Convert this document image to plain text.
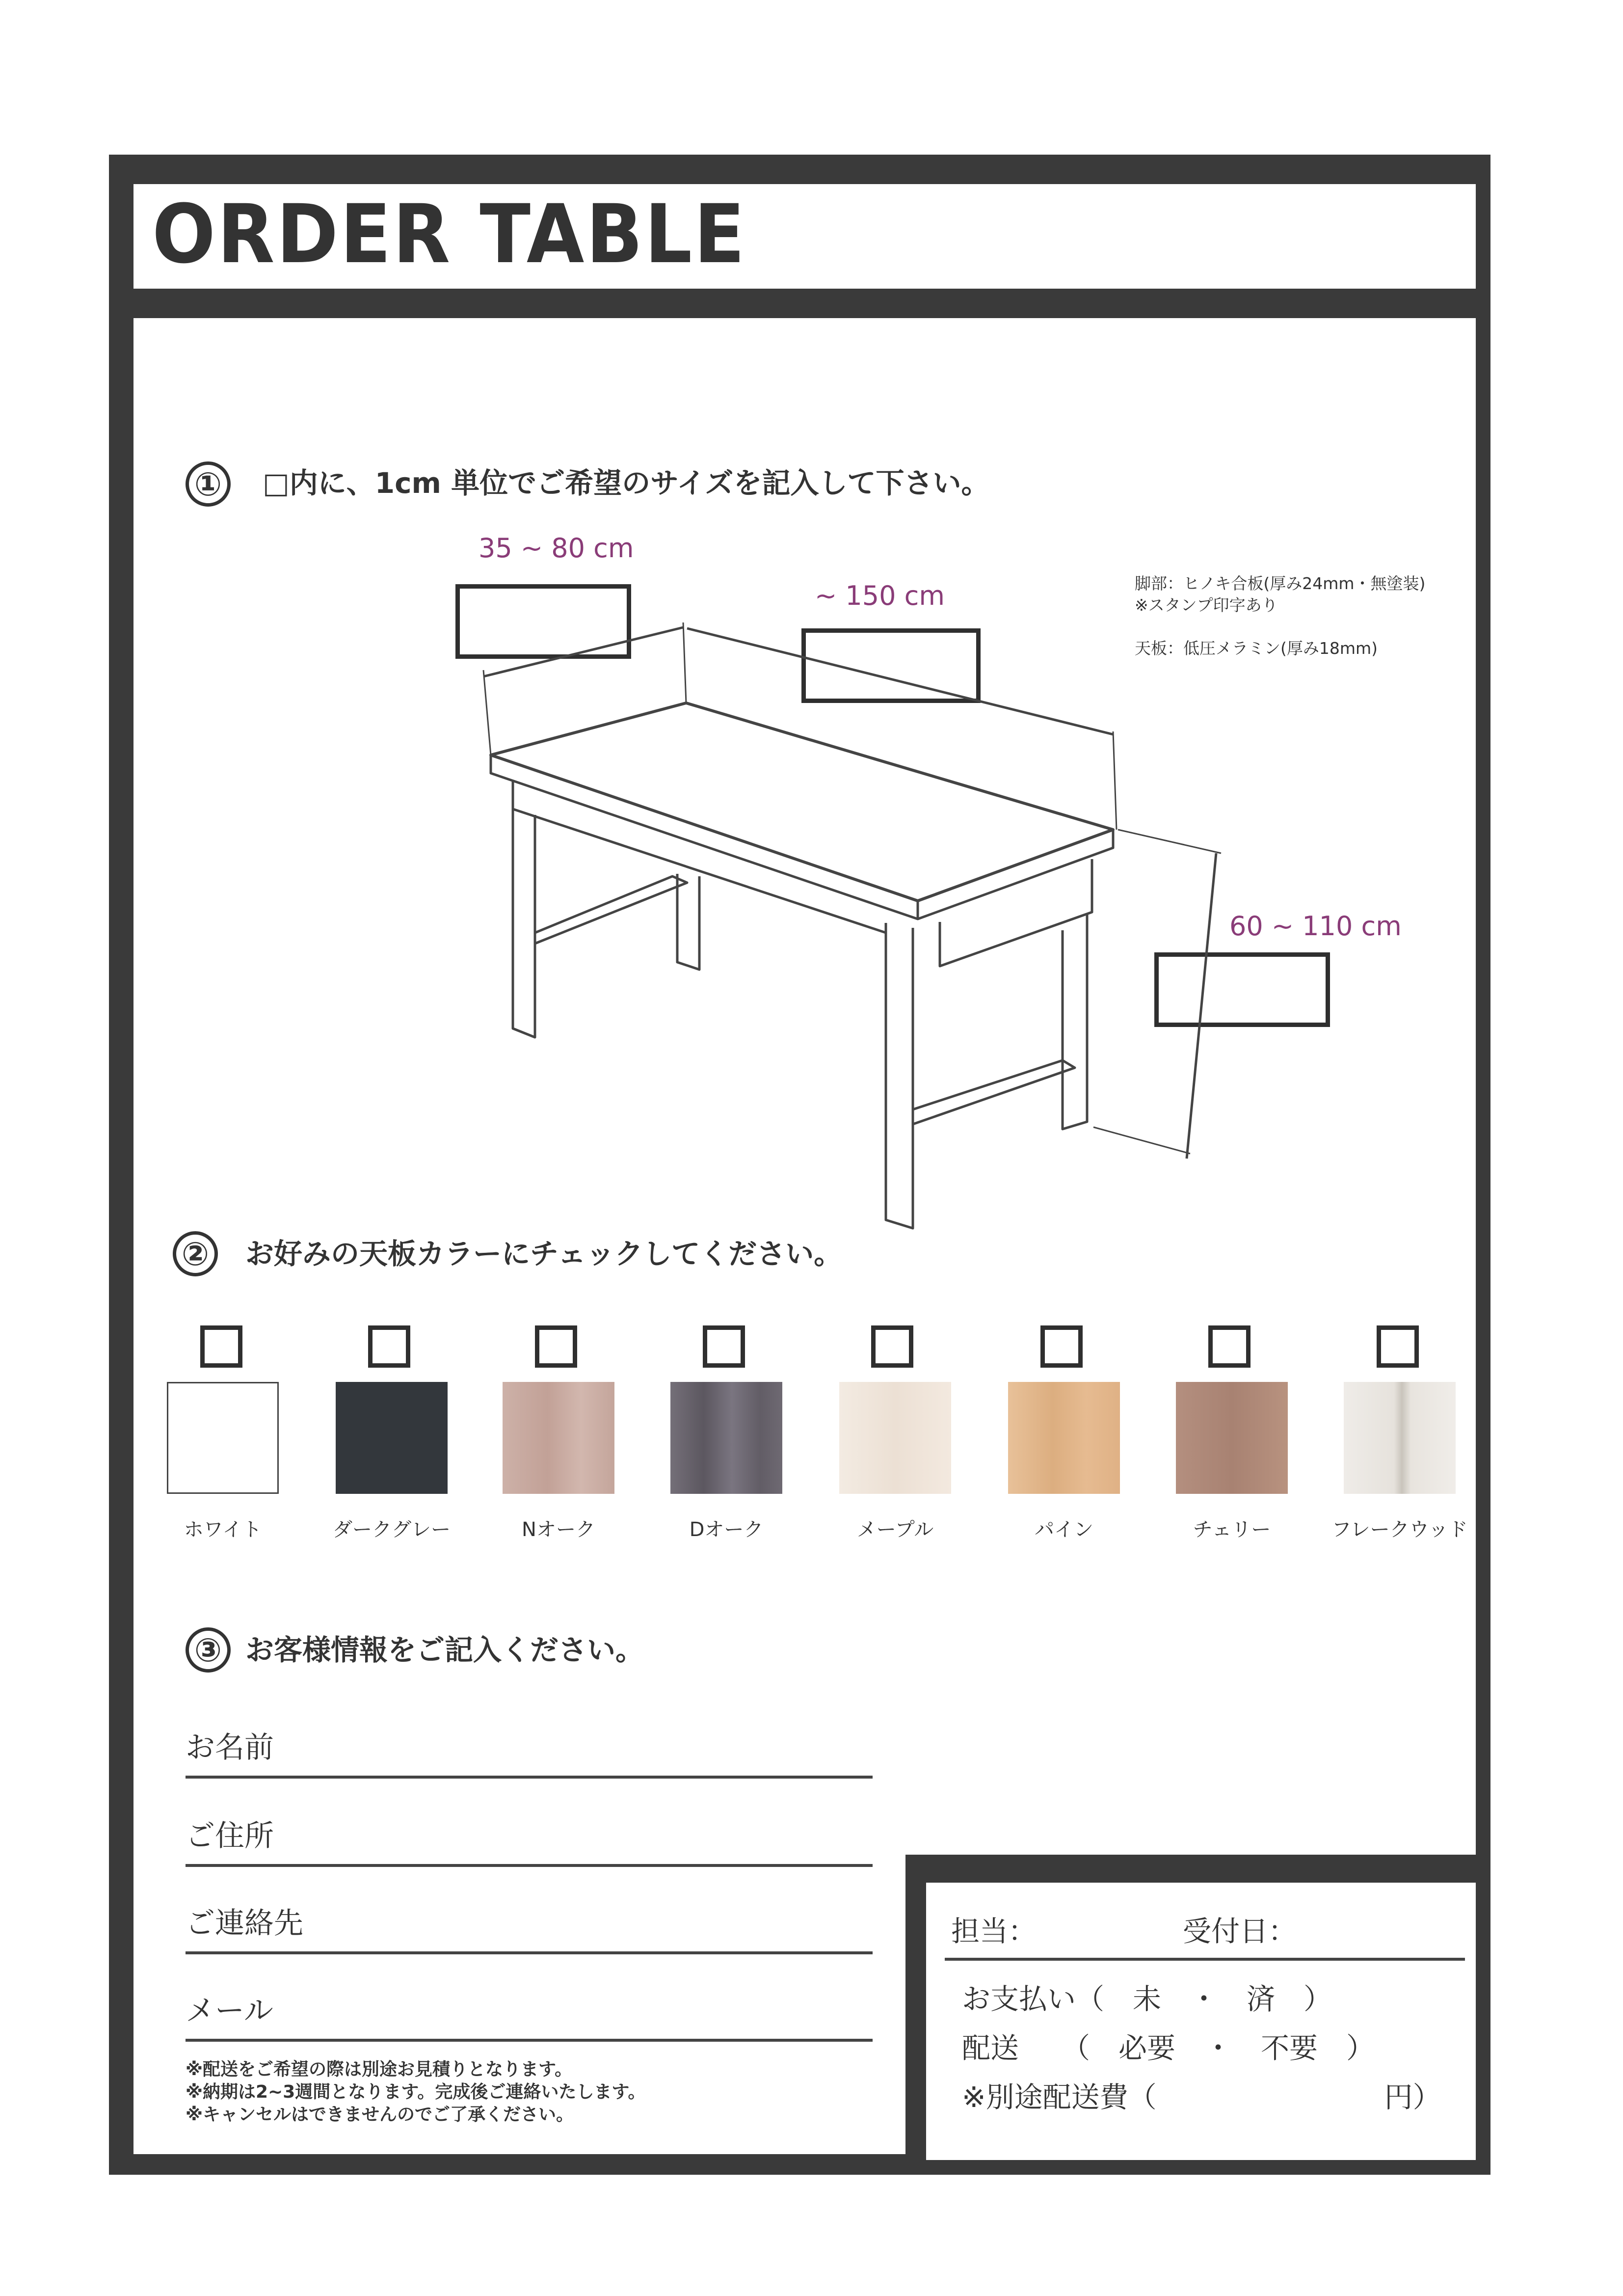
ORDER TABLE
①	□内に、1cm 単位でご希望のサイズを記入して下さい。
35 ~ 80 cm
~ 150 cm
60 ~ 110 cm
脚部：ヒノキ合板(厚み24mm・無塗装)
※スタンプ印字あり
天板：低圧メラミン(厚み18mm)
②	お好みの天板カラーにチェックしてください。
ホワイト	ダークグレー	Nオーク	Dオーク	メープル	パイン	チェリー	フレークウッド
③ お客様情報をご記入ください。
お名前
ご住所
ご連絡先
メール
※配送をご希望の際は別途お見積りとなります。
※納期は2~3週間となります。完成後ご連絡いたします。
※キャンセルはできませんのでご了承ください。
担当：	受付日：
お支払い（　未　・　済　）
配送　　（　必要　・　不要　）
※別途配送費（　　　　　　　　円）
